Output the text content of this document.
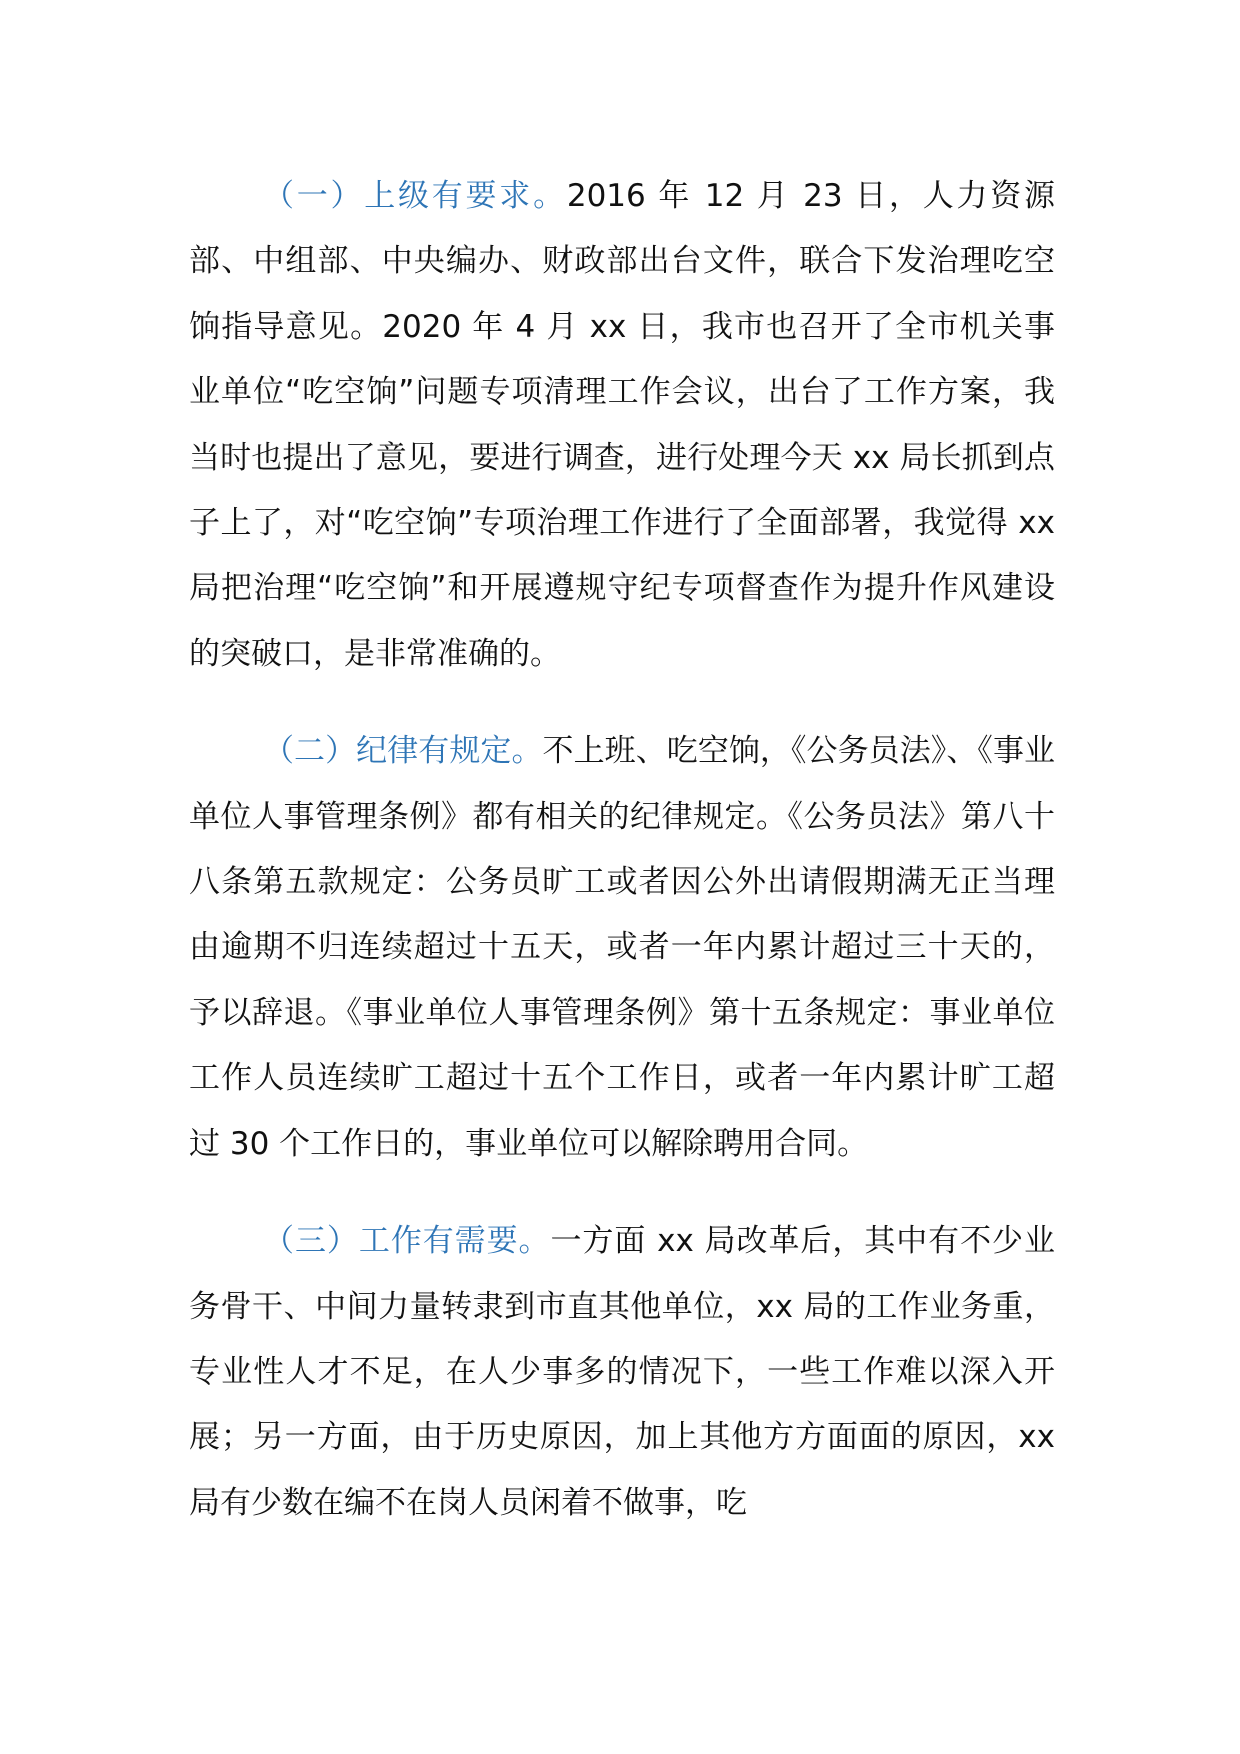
（一）上级有要求。2016 年 12 月 23 日，人力资源部、中组部、中央编办、财政部出台文件，联合下发治理吃空饷指导意见。2020 年 4 月 xx 日，我市也召开了全市机关事业单位“吃空饷”问题专项清理工作会议，出台了工作方案，我当时也提出了意见，要进行调查，进行处理今天 xx 局长抓到点子上了，对“吃空饷”专项治理工作进行了全面部署，我觉得 xx 局把治理“吃空饷”和开展遵规守纪专项督查作为提升作风建设的突破口，是非常准确的。

（二）纪律有规定。不上班、吃空饷，《公务员法》、《事业单位人事管理条例》都有相关的纪律规定。《公务员法》第八十八条第五款规定：公务员旷工或者因公外出请假期满无正当理由逾期不归连续超过十五天，或者一年内累计超过三十天的，予以辞退。《事业单位人事管理条例》第十五条规定：事业单位工作人员连续旷工超过十五个工作日，或者一年内累计旷工超过 30 个工作日的，事业单位可以解除聘用合同。

（三）工作有需要。一方面 xx 局改革后，其中有不少业务骨干、中间力量转隶到市直其他单位，xx 局的工作业务重，专业性人才不足，在人少事多的情况下，一些工作难以深入开展；另一方面，由于历史原因，加上其他方方面面的原因，xx 局有少数在编不在岗人员闲着不做事，吃
